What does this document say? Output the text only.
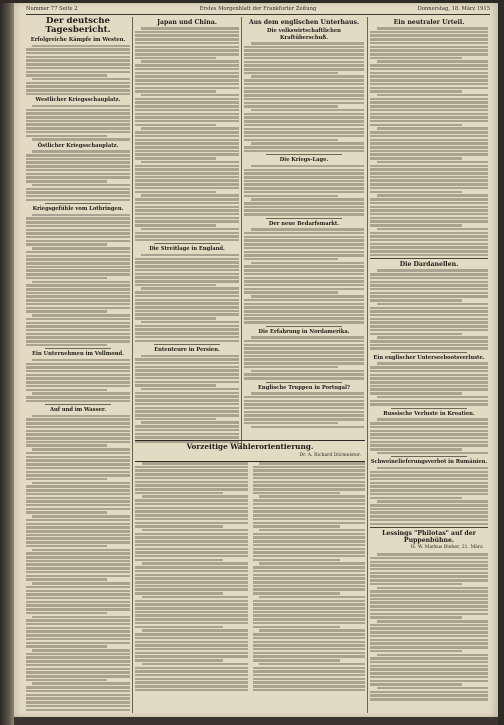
Nummer 77 Seite 2	Erstes Morgenblatt der Frankfurter Zeitung	Donnerstag, 18. März 1915
Der deutsche Tagesbericht.
Erfolgreiche Kämpfe im Westen.
Westlicher Kriegsschauplatz.
Östlicher Kriegsschauplatz.
Kriegsgefühle vom Lothringen.
Ein Unternehmen im Vollmond.
Auf und im Wasser.
Japan und China.
Die Streitlage in England.
Ententeure in Persien.
Aus dem englischen Unterhaus.
Die volkswirtschaftlichen Kraftüberschuß.
Die Kriegs-Lage.
Der neue Bedarfsmarkt.
Die Erfahrung in Nordamerika.
Englische Truppen in Portugal?
Vorzeitige Wählerorientierung.
Dr. A. Richard Dörmeister.
Ein neutraler Urteil.
Die Dardanellen.
Ein englischer Unterseebootsverluste.
Russische Verluste in Kroatien.
Schweinelieferungsverbot in Rumänien.
Lessings "Philotas" auf der Puppenbühne.
H. W. Markus Bieber, 21. März.
